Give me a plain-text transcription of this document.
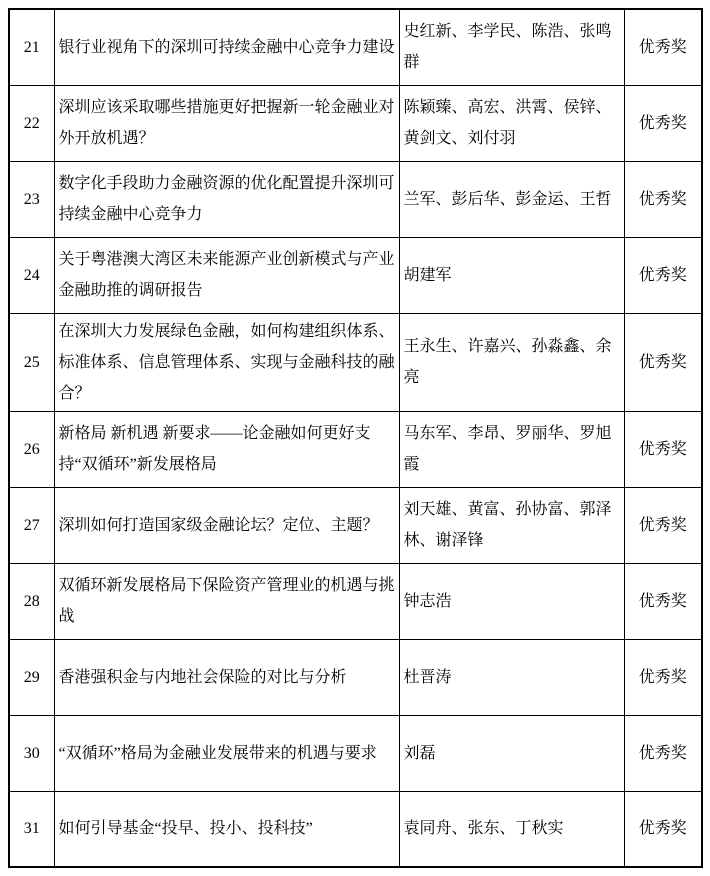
21	银行业视角下的深圳可持续金融中心竞争力建设	史红新、李学民、陈浩、张鸣群	优秀奖
22	深圳应该采取哪些措施更好把握新一轮金融业对外开放机遇？	陈颖臻、高宏、洪霄、侯锌、黄剑文、刘付羽	优秀奖
23	数字化手段助力金融资源的优化配置提升深圳可持续金融中心竞争力	兰军、彭后华、彭金运、王哲	优秀奖
24	关于粤港澳大湾区未来能源产业创新模式与产业金融助推的调研报告	胡建军	优秀奖
25	在深圳大力发展绿色金融，如何构建组织体系、标准体系、信息管理体系、实现与金融科技的融合？	王永生、许嘉兴、孙淼鑫、余亮	优秀奖
26	新格局 新机遇 新要求——论金融如何更好支持“双循环”新发展格局	马东军、李昂、罗丽华、罗旭霞	优秀奖
27	深圳如何打造国家级金融论坛？定位、主题？	刘天雄、黄富、孙协富、郭泽林、谢泽锋	优秀奖
28	双循环新发展格局下保险资产管理业的机遇与挑战	钟志浩	优秀奖
29	香港强积金与内地社会保险的对比与分析	杜晋涛	优秀奖
30	“双循环”格局为金融业发展带来的机遇与要求	刘磊	优秀奖
31	如何引导基金“投早、投小、投科技”	袁同舟、张东、丁秋实	优秀奖
